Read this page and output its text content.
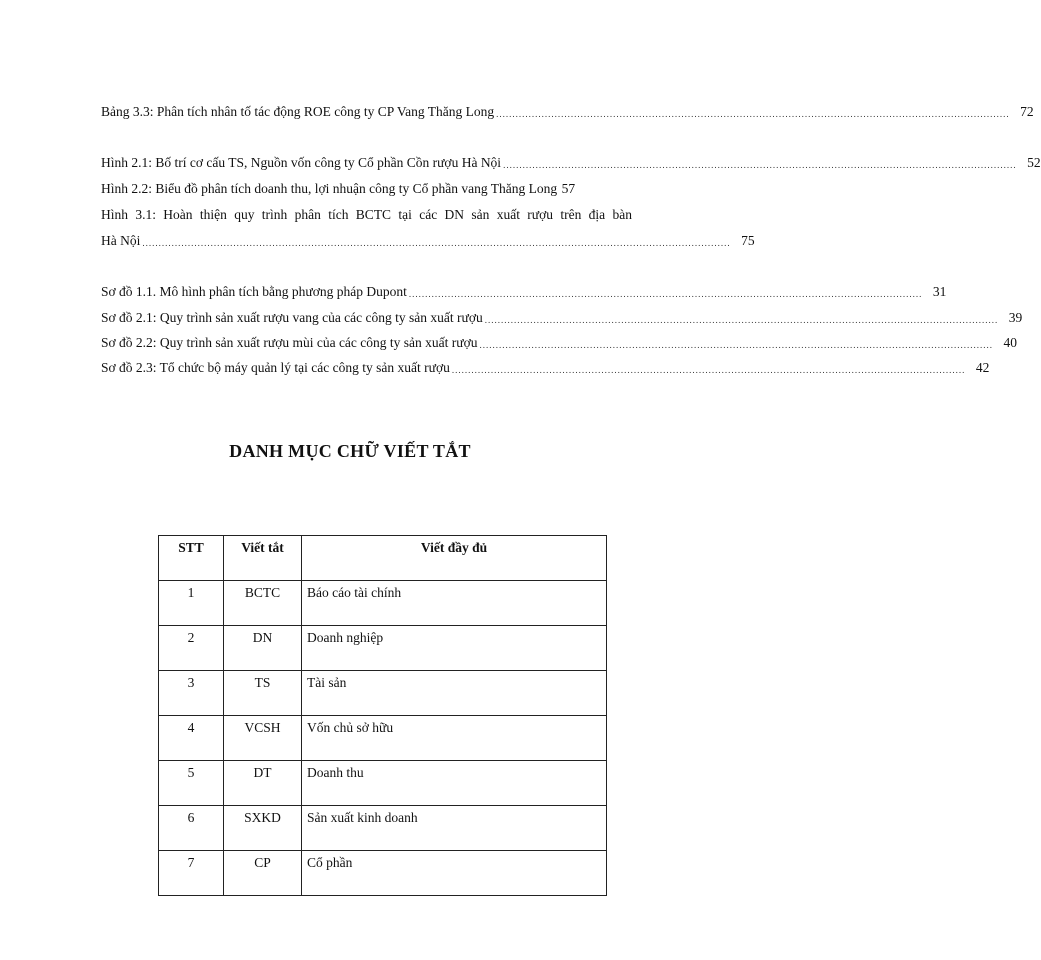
Bảng 3.3: Phân tích nhân tố tác động ROE công ty CP Vang Thăng Long .............................................................................................................................................................. 72
Hình 2.1: Bố trí cơ cấu TS, Nguồn vốn công ty Cổ phần Cồn rượu Hà Nội .............................................................................................................................................................. 52
Hình 2.2: Biểu đồ phân tích doanh thu, lợi nhuận công ty Cổ phần vang Thăng Long 57
Hình 3.1: Hoàn thiện quy trình phân tích BCTC tại các DN sản xuất rượu trên địa bàn
Hà Nội ..................................................................................................................................................................................... 75
Sơ đồ 1.1. Mô hình phân tích bằng phương pháp Dupont .............................................................................................................................................................. 31
Sơ đồ 2.1: Quy trình sản xuất rượu vang của các công ty sản xuất rượu .............................................................................................................................................................. 39
Sơ đồ 2.2: Quy trình sản xuất rượu mùi của các công ty sản xuất rượu .............................................................................................................................................................. 40
Sơ đồ 2.3: Tổ chức bộ máy quản lý tại các công ty sản xuất rượu .............................................................................................................................................................. 42
DANH MỤC CHỮ VIẾT TẮT
STT	Viết tắt	Viết đầy đủ
1	BCTC	Báo cáo tài chính
2	DN	Doanh nghiệp
3	TS	Tài sản
4	VCSH	Vốn chủ sở hữu
5	DT	Doanh thu
6	SXKD	Sản xuất kinh doanh
7	CP	Cổ phần
